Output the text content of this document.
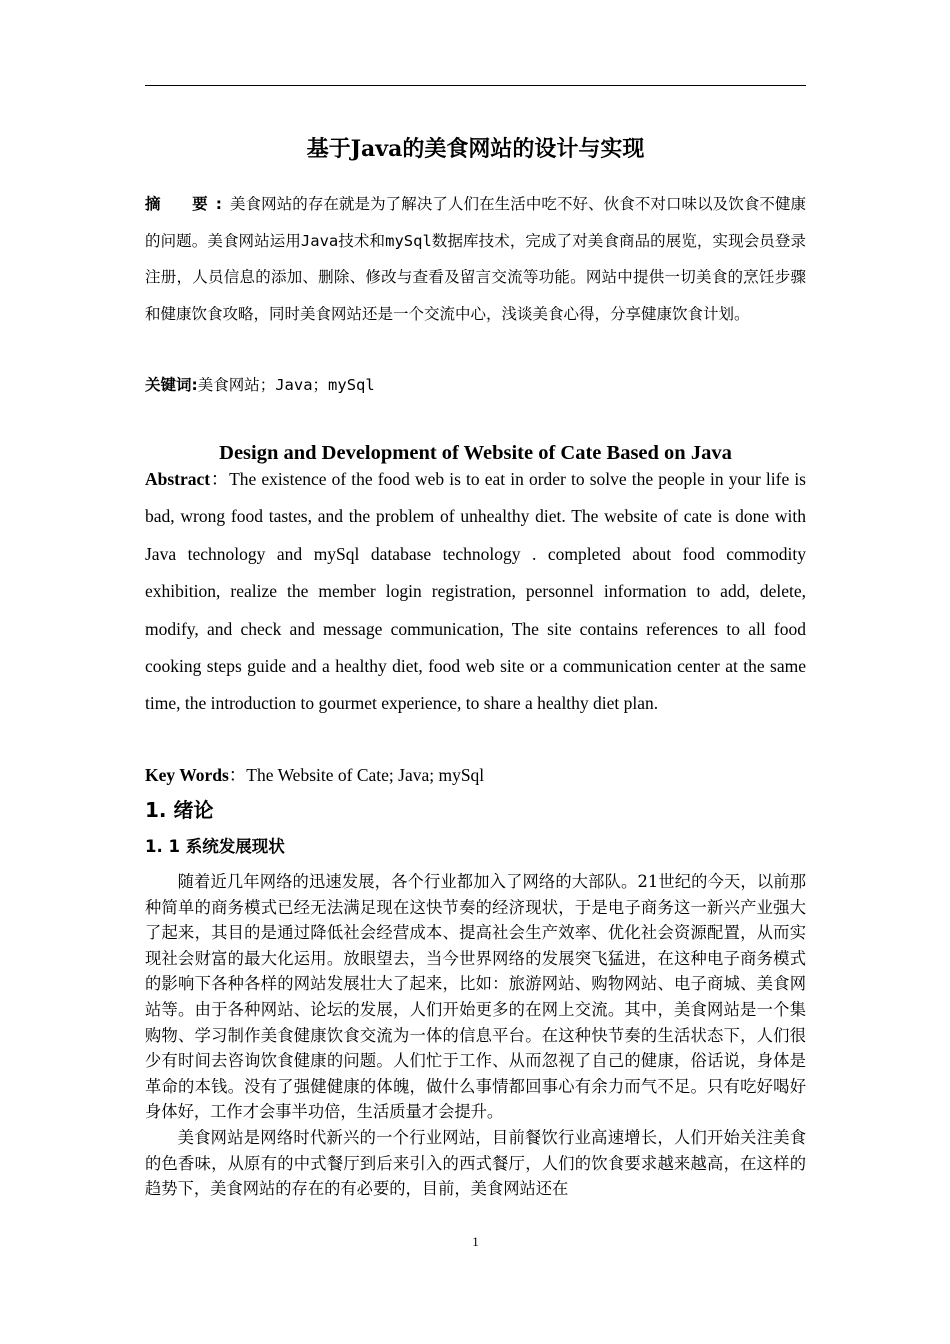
基于Java的美食网站的设计与实现
摘　要:美食网站的存在就是为了解决了人们在生活中吃不好、伙食不对口味以及饮食不健康的问题。美食网站运用Java技术和mySql数据库技术，完成了对美食商品的展览，实现会员登录注册，人员信息的添加、删除、修改与查看及留言交流等功能。网站中提供一切美食的烹饪步骤和健康饮食攻略，同时美食网站还是一个交流中心，浅谈美食心得，分享健康饮食计划。
关键词:美食网站；Java；mySql
Design and Development of Website of Cate Based on Java
Abstract：The existence of the food web is to eat in order to solve the people in your life is bad, wrong food tastes, and the problem of unhealthy diet. The website of cate is done with Java technology and mySql database technology . completed about food commodity exhibition, realize the member login registration, personnel information to add, delete, modify, and check and message communication, The site contains references to all food cooking steps guide and a healthy diet, food web site or a communication center at the same time, the introduction to gourmet experience, to share a healthy diet plan.
Key Words：The Website of Cate; Java; mySql
1. 绪论
1. 1 系统发展现状

随着近几年网络的迅速发展，各个行业都加入了网络的大部队。21世纪的今天，以前那种简单的商务模式已经无法满足现在这快节奏的经济现状，于是电子商务这一新兴产业强大了起来，其目的是通过降低社会经营成本、提高社会生产效率、优化社会资源配置，从而实现社会财富的最大化运用。放眼望去，当今世界网络的发展突飞猛进，在这种电子商务模式的影响下各种各样的网站发展壮大了起来，比如：旅游网站、购物网站、电子商城、美食网站等。由于各种网站、论坛的发展，人们开始更多的在网上交流。其中，美食网站是一个集购物、学习制作美食健康饮食交流为一体的信息平台。在这种快节奏的生活状态下，人们很少有时间去咨询饮食健康的问题。人们忙于工作、从而忽视了自己的健康，俗话说，身体是革命的本钱。没有了强健健康的体魄，做什么事情都回事心有余力而气不足。只有吃好喝好身体好，工作才会事半功倍，生活质量才会提升。

美食网站是网络时代新兴的一个行业网站，目前餐饮行业高速增长，人们开始关注美食的色香味，从原有的中式餐厅到后来引入的西式餐厅，人们的饮食要求越来越高，在这样的趋势下，美食网站的存在的有必要的，目前，美食网站还在

1
